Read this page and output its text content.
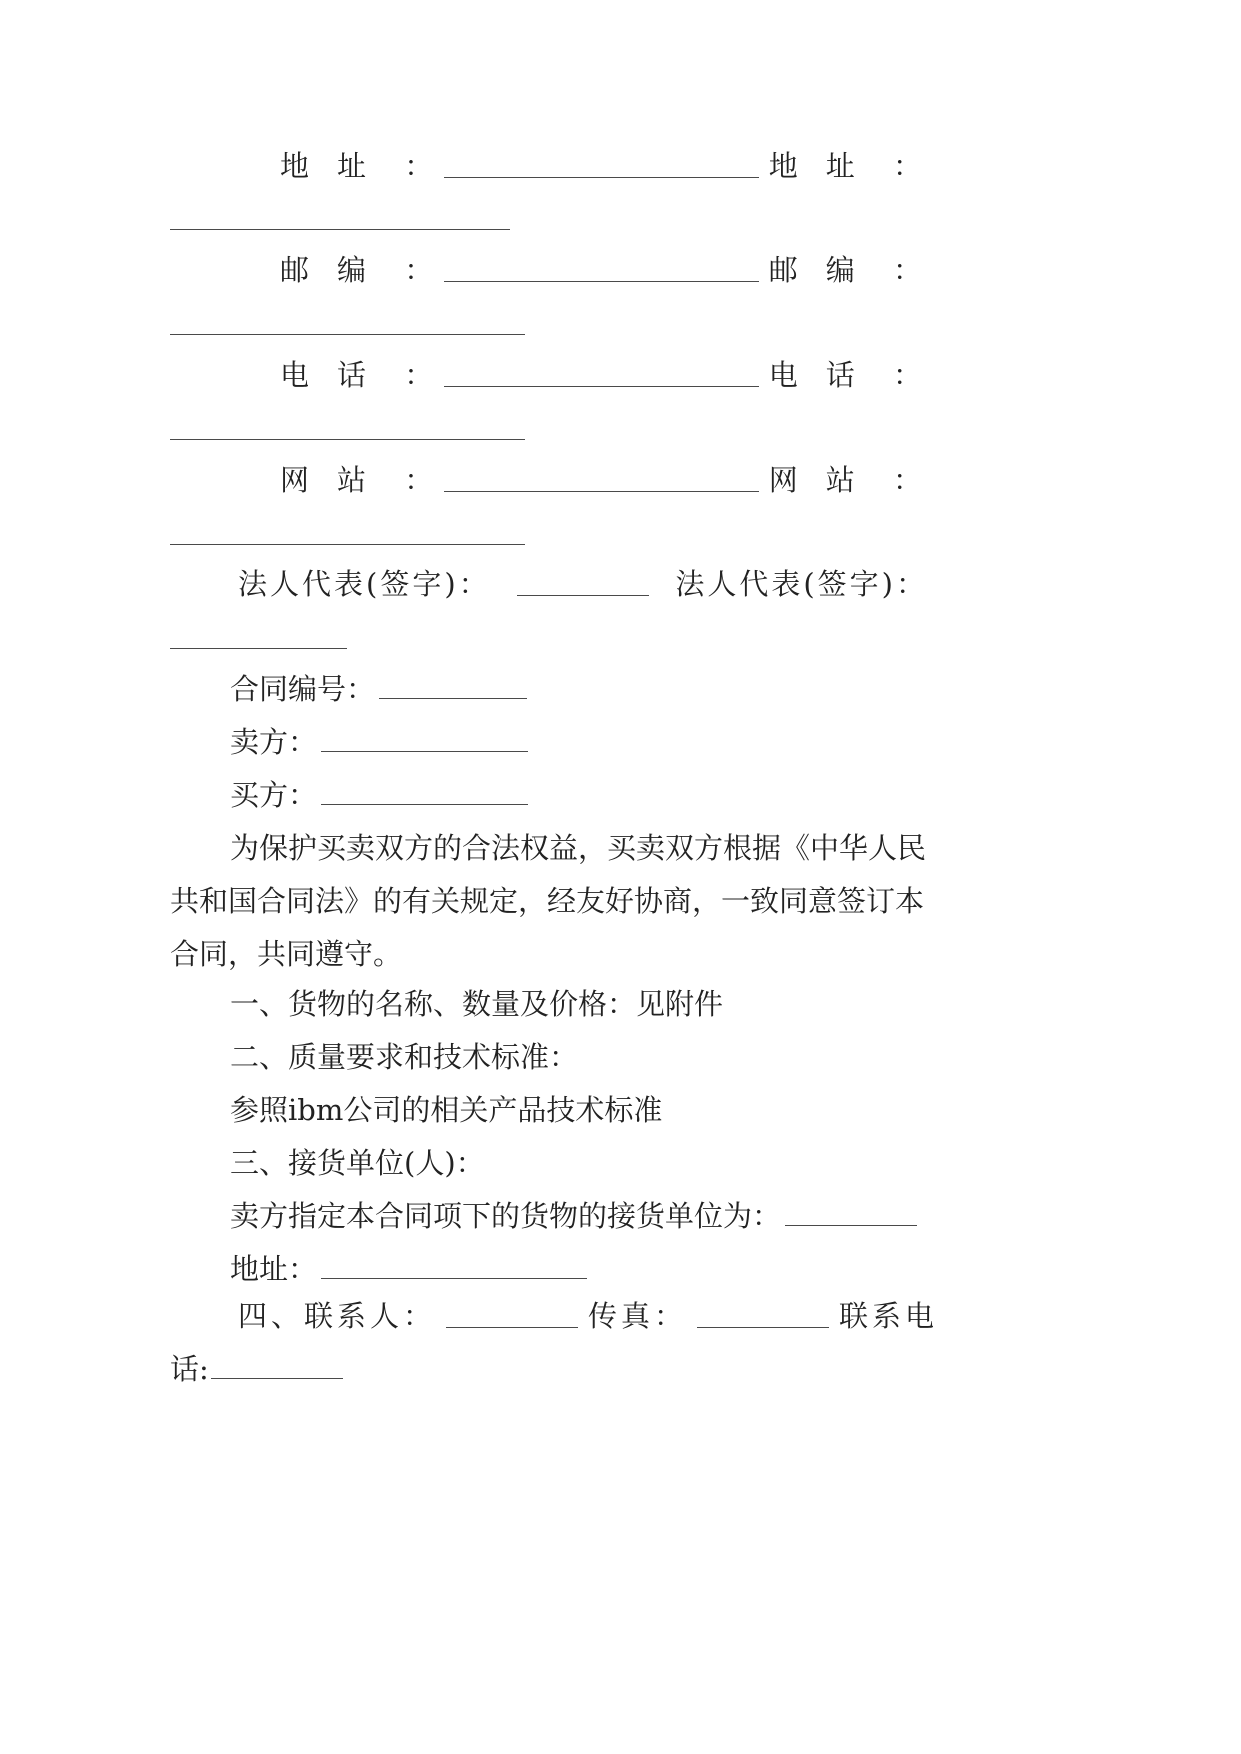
地址 ：	地址 ：
邮编 ：	邮编 ：
电话 ：	电话 ：
网站 ：	网站 ：
法人代表(签字)：	法人代表(签字)：
合同编号：
卖方：
买方：
为保护买卖双方的合法权益，买卖双方根据《中华人民
共和国合同法》的有关规定，经友好协商，一致同意签订本
合同，共同遵守。
一、货物的名称、数量及价格：见附件
二、质量要求和技术标准：
参照ibm公司的相关产品技术标准
三、接货单位(人)：
卖方指定本合同项下的货物的接货单位为：
地址：
四、联系人：	传真：	联系电
话:
